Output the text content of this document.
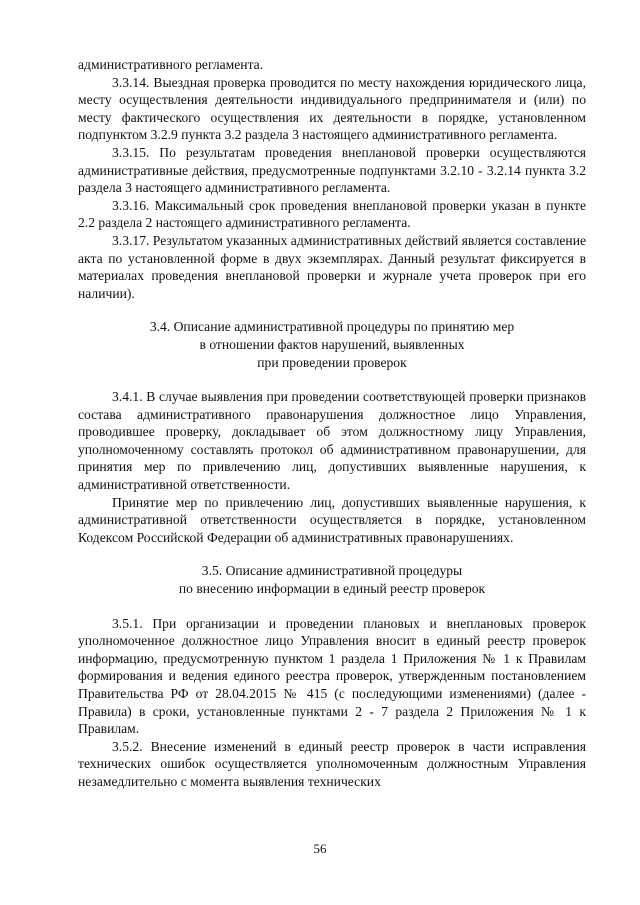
административного регламента.

3.3.14. Выездная проверка проводится по месту нахождения юридического лица, месту осуществления деятельности индивидуального предпринимателя и (или) по месту фактического осуществления их деятельности в порядке, установленном подпунктом 3.2.9 пункта 3.2 раздела 3 настоящего административного регламента.

3.3.15. По результатам проведения внеплановой проверки осуществляются административные действия, предусмотренные подпунктами 3.2.10 - 3.2.14 пункта 3.2 раздела 3 настоящего административного регламента.

3.3.16. Максимальный срок проведения внеплановой проверки указан в пункте 2.2 раздела 2 настоящего административного регламента.

3.3.17. Результатом указанных административных действий является составление акта по установленной форме в двух экземплярах. Данный результат фиксируется в материалах проведения внеплановой проверки и журнале учета проверок при его наличии).

3.4. Описание административной процедуры по принятию мер
в отношении фактов нарушений, выявленных
при проведении проверок

3.4.1. В случае выявления при проведении соответствующей проверки признаков состава административного правонарушения должностное лицо Управления, проводившее проверку, докладывает об этом должностному лицу Управления, уполномоченному составлять протокол об административном правонарушении, для принятия мер по привлечению лиц, допустивших выявленные нарушения, к административной ответственности.

Принятие мер по привлечению лиц, допустивших выявленные нарушения, к административной ответственности осуществляется в порядке, установленном Кодексом Российской Федерации об административных правонарушениях.

3.5. Описание административной процедуры
по внесению информации в единый реестр проверок

3.5.1. При организации и проведении плановых и внеплановых проверок уполномоченное должностное лицо Управления вносит в единый реестр проверок информацию, предусмотренную пунктом 1 раздела 1 Приложения № 1 к Правилам формирования и ведения единого реестра проверок, утвержденным постановлением Правительства РФ от 28.04.2015 № 415 (с последующими изменениями) (далее - Правила) в сроки, установленные пунктами 2 - 7 раздела 2 Приложения № 1 к Правилам.

3.5.2. Внесение изменений в единый реестр проверок в части исправления технических ошибок осуществляется уполномоченным должностным Управления незамедлительно с момента выявления технических

56
